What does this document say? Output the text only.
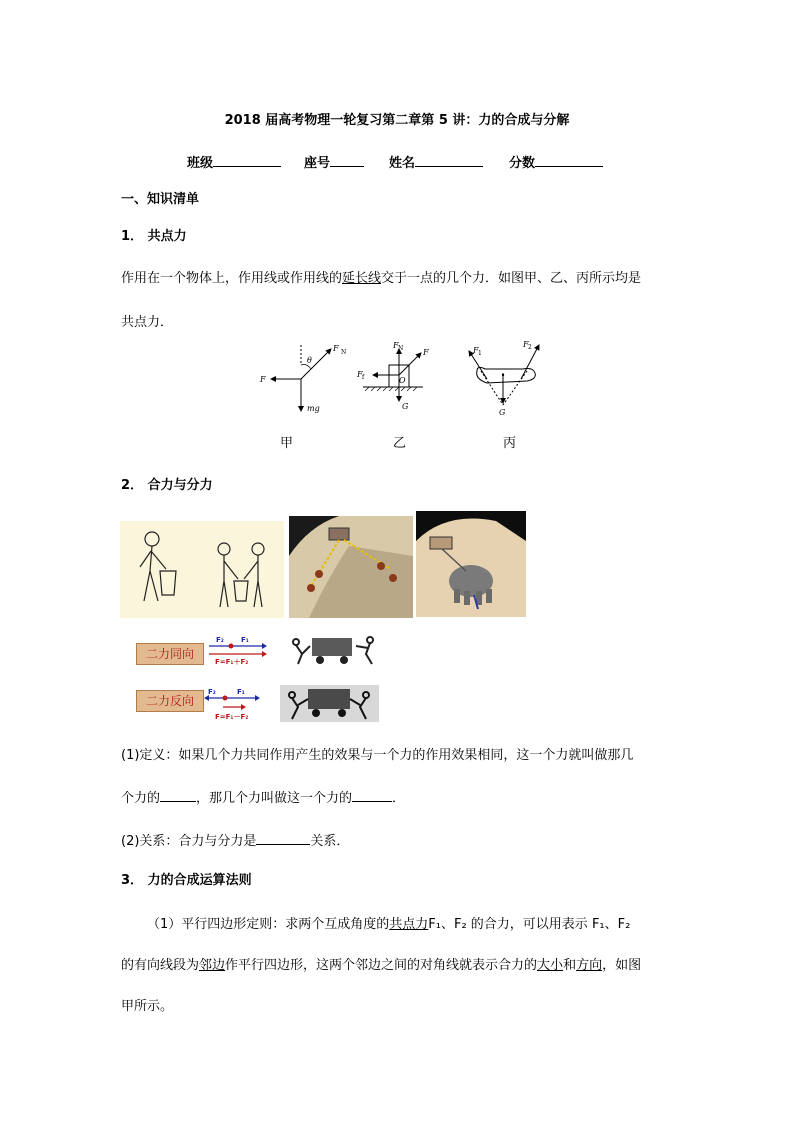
2018 届高考物理一轮复习第二章第 5 讲：力的合成与分解
班级	座号	姓名	分数
一、知识清单
1． 共点力
作用在一个物体上，作用线或作用线的延长线交于一点的几个力．如图甲、乙、丙所示均是
共点力．
θ
F N
F
mg
F N F
F f	O
G
F 1
F 2
G
甲	乙	丙
2． 合力与分力
二力同向
F₂ F₁
F=F₁＋F₂
二力反向
F₂	F₁
F=F₁－F₂
(1)定义：如果几个力共同作用产生的效果与一个力的作用效果相同，这一个力就叫做那几
个力的	，那几个力叫做这一个力的	．
(2)关系：合力与分力是	关系．
3． 力的合成运算法则
（1）平行四边形定则：求两个互成角度的共点力F₁、F₂ 的合力，可以用表示 F₁、F₂
的有向线段为邻边作平行四边形，这两个邻边之间的对角线就表示合力的大小和方向，如图
甲所示。
